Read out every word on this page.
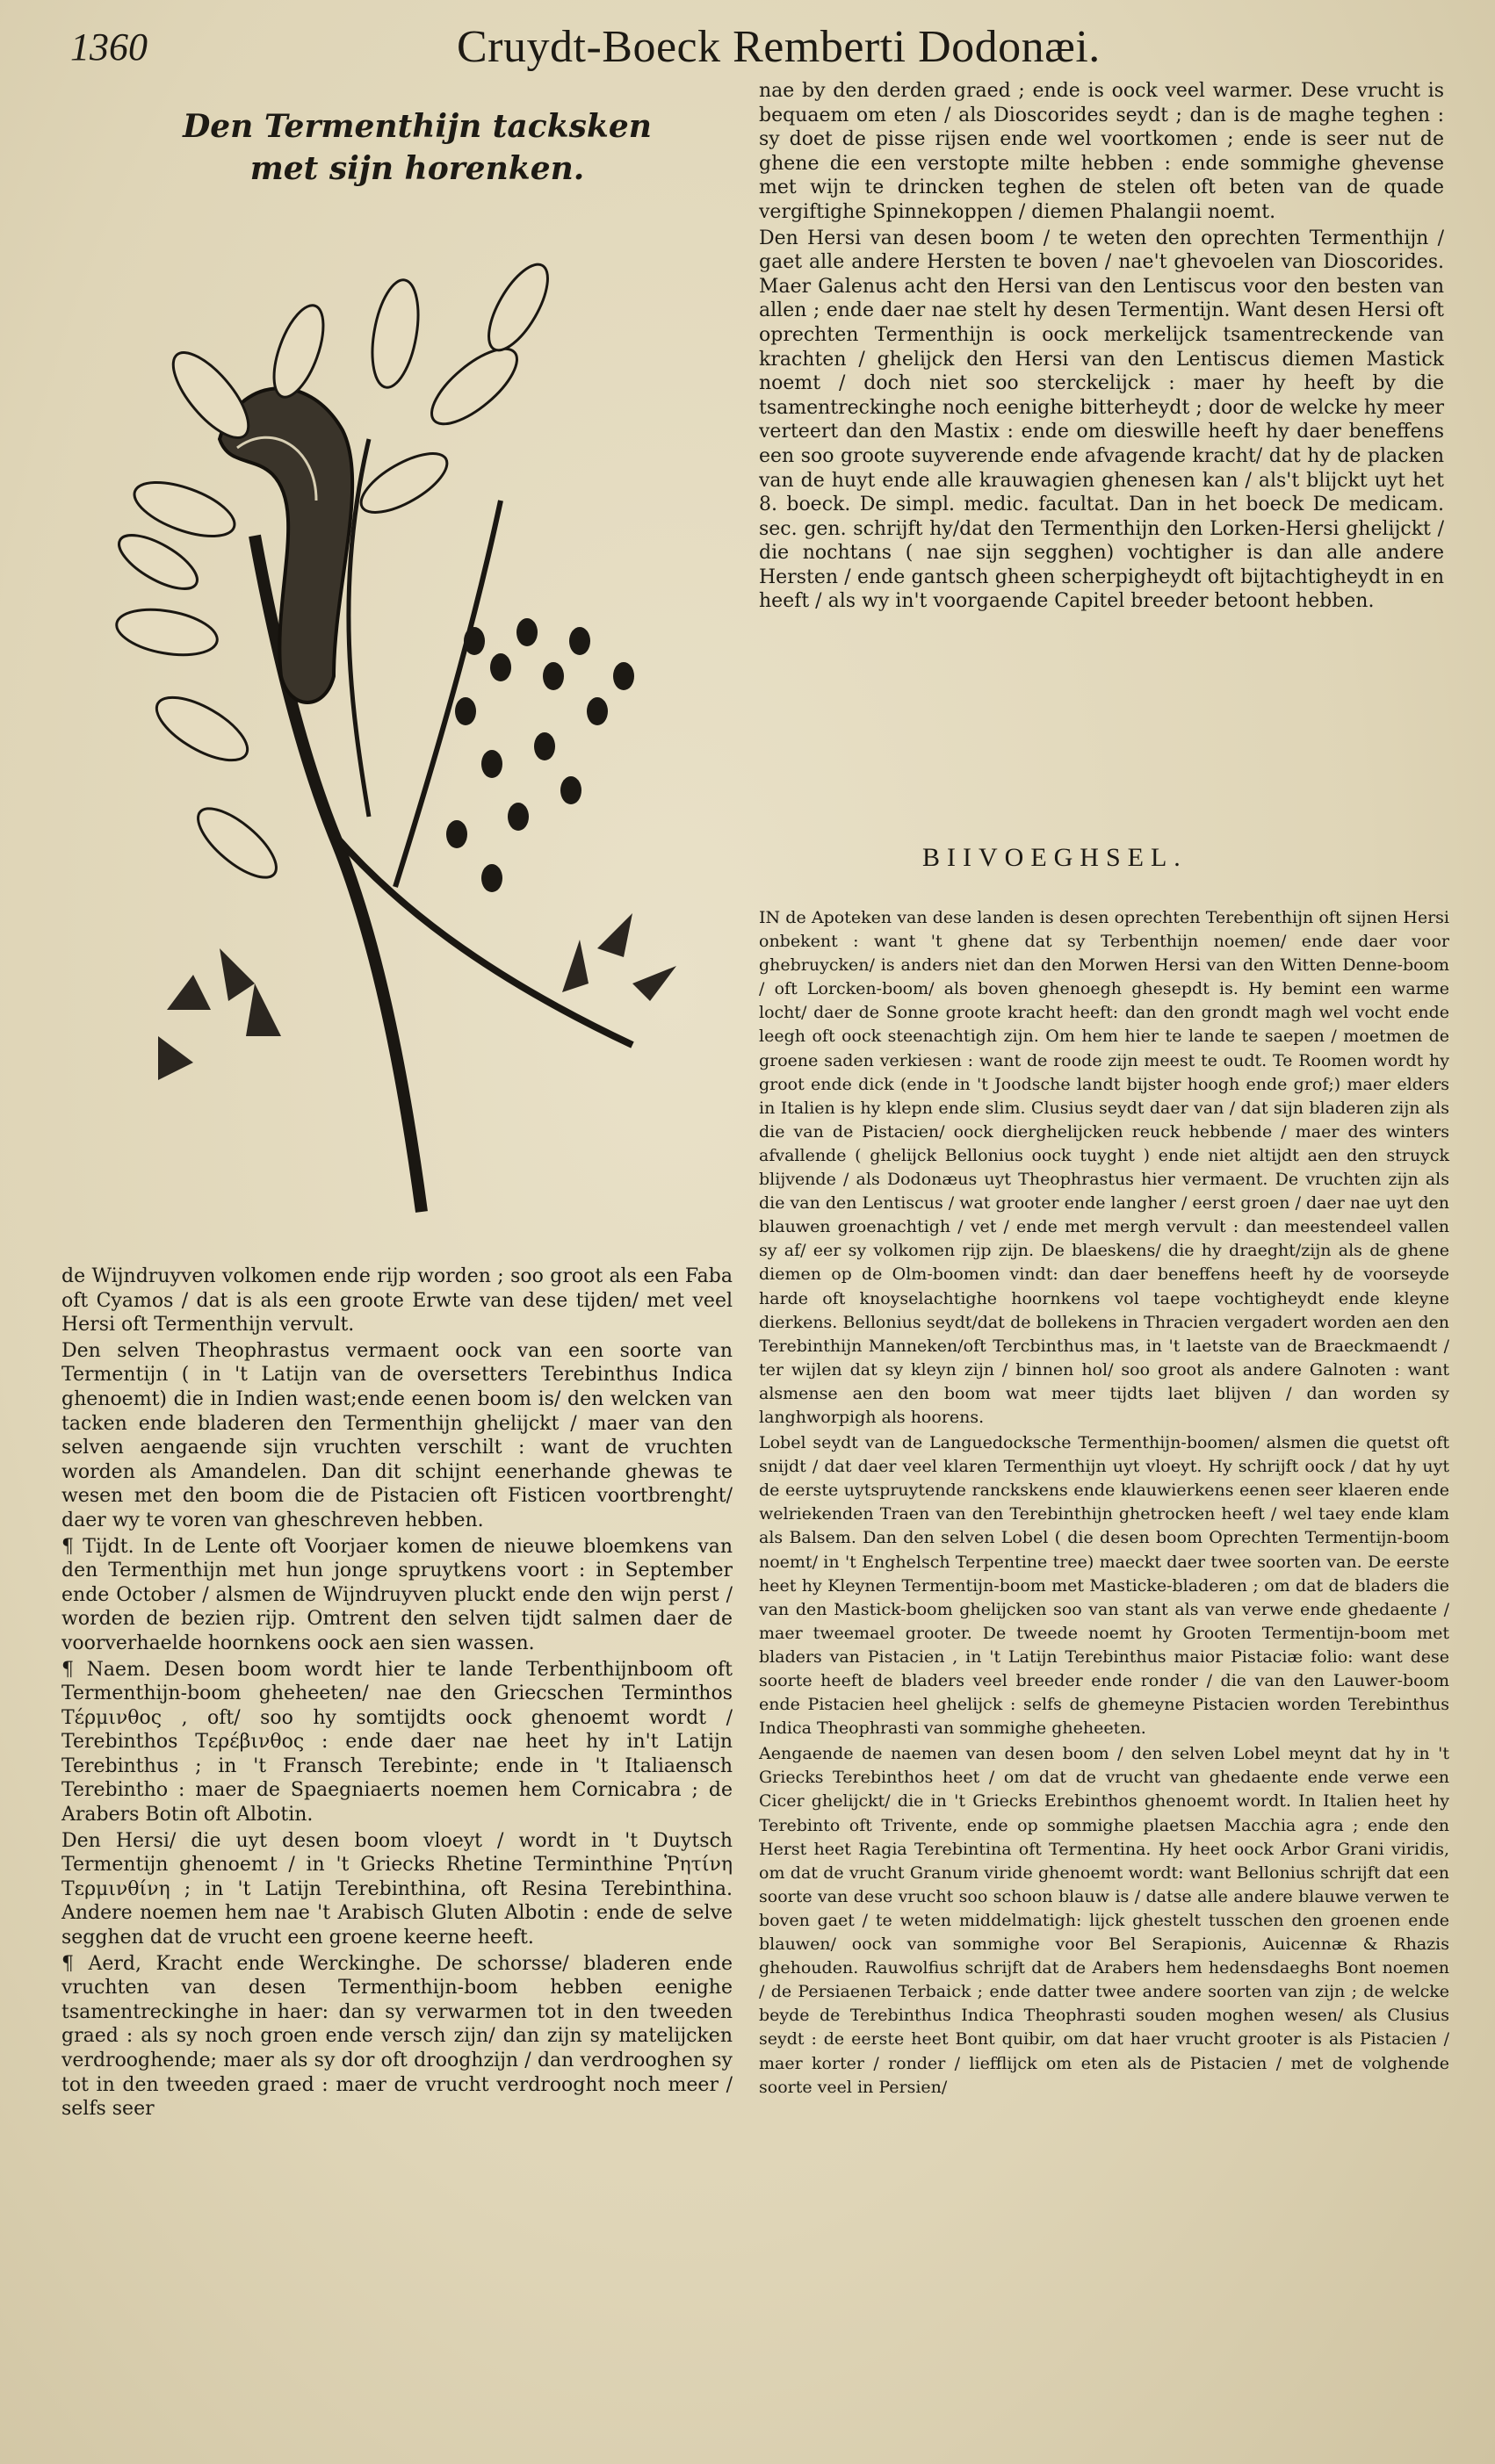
1360	Cruydt-Boeck Remberti Dodonæi.
Den Termenthijn tacksken
met sijn horenken.

nae by den derden graed ; ende is oock veel warmer. Dese vrucht is bequaem om eten / als Dioscorides seydt ; dan is de maghe teghen : sy doet de pisse rijsen ende wel voortkomen ; ende is seer nut de ghene die een verstopte milte hebben : ende sommighe ghevense met wijn te drincken teghen de stelen oft beten van de quade vergiftighe Spinnekoppen / diemen Phalangii noemt.

Den Hersi van desen boom / te weten den oprechten Termenthijn / gaet alle andere Hersten te boven / nae't ghevoelen van Dioscorides. Maer Galenus acht den Hersi van den Lentiscus voor den besten van allen ; ende daer nae stelt hy desen Termentijn. Want desen Hersi oft oprechten Termenthijn is oock merkelijck tsamentreckende van krachten / ghelijck den Hersi van den Lentiscus diemen Mastick noemt / doch niet soo sterckelijck : maer hy heeft by die tsamentreckinghe noch eenighe bitterheydt ; door de welcke hy meer verteert dan den Mastix : ende om dieswille heeft hy daer beneffens een soo groote suyverende ende afvagende kracht/ dat hy de placken van de huyt ende alle krauwagien ghenesen kan / als't blijckt uyt het 8. boeck. De simpl. medic. facultat. Dan in het boeck De medicam. sec. gen. schrijft hy/dat den Termenthijn den Lorken-Hersi ghelijckt / die nochtans ( nae sijn segghen) vochtigher is dan alle andere Hersten / ende gantsch gheen scherpigheydt oft bijtachtigheydt in en heeft / als wy in't voorgaende Capitel breeder betoont hebben.

BIIVOEGHSEL.

IN de Apoteken van dese landen is desen oprechten Terebenthijn oft sijnen Hersi onbekent : want 't ghene dat sy Terbenthijn noemen/ ende daer voor ghebruycken/ is anders niet dan den Morwen Hersi van den Witten Denne-boom / oft Lorcken-boom/ als boven ghenoegh ghesepdt is. Hy bemint een warme locht/ daer de Sonne groote kracht heeft: dan den grondt magh wel vocht ende leegh oft oock steenachtigh zijn. Om hem hier te lande te saepen / moetmen de groene saden verkiesen : want de roode zijn meest te oudt. Te Roomen wordt hy groot ende dick (ende in 't Joodsche landt bijster hoogh ende grof;) maer elders in Italien is hy klepn ende slim. Clusius seydt daer van / dat sijn bladeren zijn als die van de Pistacien/ oock dierghelijcken reuck hebbende / maer des winters afvallende ( ghelijck Bellonius oock tuyght ) ende niet altijdt aen den struyck blijvende / als Dodonæus uyt Theophrastus hier vermaent. De vruchten zijn als die van den Lentiscus / wat grooter ende langher / eerst groen / daer nae uyt den blauwen groenachtigh / vet / ende met mergh vervult : dan meestendeel vallen sy af/ eer sy volkomen rijp zijn. De blaeskens/ die hy draeght/zijn als de ghene diemen op de Olm-boomen vindt: dan daer beneffens heeft hy de voorseyde harde oft knoyselachtighe hoornkens vol taepe vochtigheydt ende kleyne dierkens. Bellonius seydt/dat de bollekens in Thracien vergadert worden aen den Terebinthijn Manneken/oft Tercbinthus mas, in 't laetste van de Braeckmaendt / ter wijlen dat sy kleyn zijn / binnen hol/ soo groot als andere Galnoten : want alsmense aen den boom wat meer tijdts laet blijven / dan worden sy langhworpigh als hoorens.

Lobel seydt van de Languedocksche Termenthijn-boomen/ alsmen die quetst oft snijdt / dat daer veel klaren Termenthijn uyt vloeyt. Hy schrijft oock / dat hy uyt de eerste uytspruytende ranckskens ende klauwierkens eenen seer klaeren ende welriekenden Traen van den Terebinthijn ghetrocken heeft / wel taey ende klam als Balsem. Dan den selven Lobel ( die desen boom Oprechten Termentijn-boom noemt/ in 't Enghelsch Terpentine tree) maeckt daer twee soorten van. De eerste heet hy Kleynen Termentijn-boom met Masticke-bladeren ; om dat de bladers die van den Mastick-boom ghelijcken soo van stant als van verwe ende ghedaente / maer tweemael grooter. De tweede noemt hy Grooten Termentijn-boom met bladers van Pistacien , in 't Latijn Terebinthus maior Pistaciæ folio: want dese soorte heeft de bladers veel breeder ende ronder / die van den Lauwer-boom ende Pistacien heel ghelijck : selfs de ghemeyne Pistacien worden Terebinthus Indica Theophrasti van sommighe gheheeten.

Aengaende de naemen van desen boom / den selven Lobel meynt dat hy in 't Griecks Terebinthos heet / om dat de vrucht van ghedaente ende verwe een Cicer ghelijckt/ die in 't Griecks Erebinthos ghenoemt wordt. In Italien heet hy Terebinto oft Trivente, ende op sommighe plaetsen Macchia agra ; ende den Herst heet Ragia Terebintina oft Termentina. Hy heet oock Arbor Grani viridis, om dat de vrucht Granum viride ghenoemt wordt: want Bellonius schrijft dat een soorte van dese vrucht soo schoon blauw is / datse alle andere blauwe verwen te boven gaet / te weten middelmatigh: lijck ghestelt tusschen den groenen ende blauwen/ oock van sommighe voor Bel Serapionis, Auicennæ & Rhazis ghehouden. Rauwolfius schrijft dat de Arabers hem hedensdaeghs Bont noemen / de Persiaenen Terbaick ; ende datter twee andere soorten van zijn ; de welcke beyde de Terebinthus Indica Theophrasti souden moghen wesen/ als Clusius seydt : de eerste heet Bont quibir, om dat haer vrucht grooter is als Pistacien / maer korter / ronder / liefflijck om eten als de Pistacien / met de volghende soorte veel in Persien/

de Wijndruyven volkomen ende rijp worden ; soo groot als een Faba oft Cyamos / dat is als een groote Erwte van dese tijden/ met veel Hersi oft Termenthijn vervult.

Den selven Theophrastus vermaent oock van een soorte van Termentijn ( in 't Latijn van de oversetters Terebinthus Indica ghenoemt) die in Indien wast;ende eenen boom is/ den welcken van tacken ende bladeren den Termenthijn ghelijckt / maer van den selven aengaende sijn vruchten verschilt : want de vruchten worden als Amandelen. Dan dit schijnt eenerhande ghewas te wesen met den boom die de Pistacien oft Fisticen voortbrenght/ daer wy te voren van gheschreven hebben.

¶ Tijdt. In de Lente oft Voorjaer komen de nieuwe bloemkens van den Termenthijn met hun jonge spruytkens voort : in September ende October / alsmen de Wijndruyven pluckt ende den wijn perst / worden de bezien rijp. Omtrent den selven tijdt salmen daer de voorverhaelde hoornkens oock aen sien wassen.

¶ Naem. Desen boom wordt hier te lande Terbenthijnboom oft Termenthijn-boom gheheeten/ nae den Griecschen Terminthos Τέρμινθος , oft/ soo hy somtijdts oock ghenoemt wordt / Terebinthos Τερέβινθος : ende daer nae heet hy in't Latijn Terebinthus ; in 't Fransch Terebinte; ende in 't Italiaensch Terebintho : maer de Spaegniaerts noemen hem Cornicabra ; de Arabers Botin oft Albotin.

Den Hersi/ die uyt desen boom vloeyt / wordt in 't Duytsch Termentijn ghenoemt / in 't Griecks Rhetine Terminthine Ῥητίνη Τερμινθίνη ; in 't Latijn Terebinthina, oft Resina Terebinthina. Andere noemen hem nae 't Arabisch Gluten Albotin : ende de selve segghen dat de vrucht een groene keerne heeft.

¶ Aerd, Kracht ende Werckinghe. De schorsse/ bladeren ende vruchten van desen Termenthijn-boom hebben eenighe tsamentreckinghe in haer: dan sy verwarmen tot in den tweeden graed : als sy noch groen ende versch zijn/ dan zijn sy matelijcken verdrooghende; maer als sy dor oft drooghzijn / dan verdrooghen sy tot in den tweeden graed : maer de vrucht verdrooght noch meer / selfs seer
